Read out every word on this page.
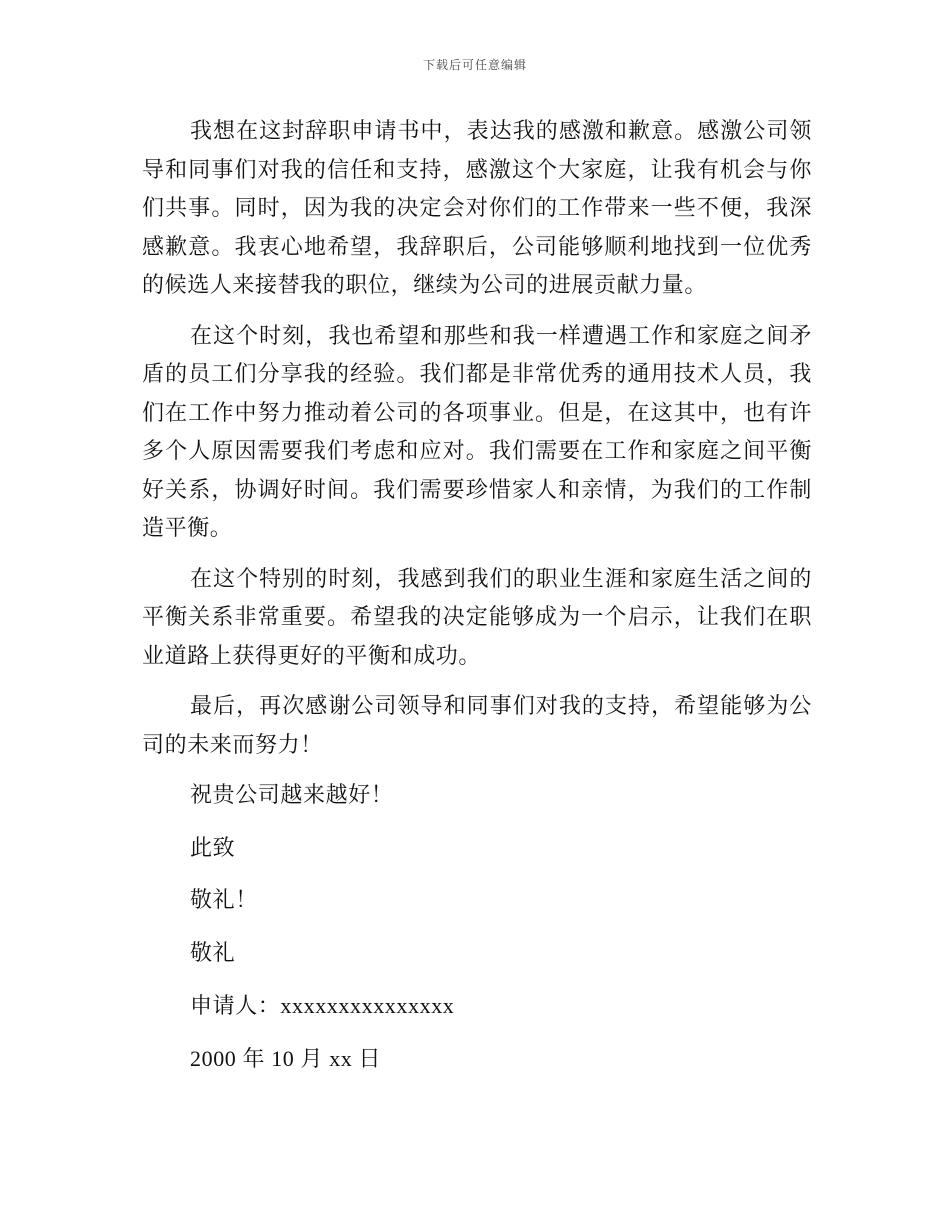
下载后可任意编辑

我想在这封辞职申请书中，表达我的感激和歉意。感激公司领导和同事们对我的信任和支持，感激这个大家庭，让我有机会与你们共事。同时，因为我的决定会对你们的工作带来一些不便，我深感歉意。我衷心地希望，我辞职后，公司能够顺利地找到一位优秀的候选人来接替我的职位，继续为公司的进展贡献力量。

在这个时刻，我也希望和那些和我一样遭遇工作和家庭之间矛盾的员工们分享我的经验。我们都是非常优秀的通用技术人员，我们在工作中努力推动着公司的各项事业。但是，在这其中，也有许多个人原因需要我们考虑和应对。我们需要在工作和家庭之间平衡好关系，协调好时间。我们需要珍惜家人和亲情，为我们的工作制造平衡。

在这个特别的时刻，我感到我们的职业生涯和家庭生活之间的平衡关系非常重要。希望我的决定能够成为一个启示，让我们在职业道路上获得更好的平衡和成功。

最后，再次感谢公司领导和同事们对我的支持，希望能够为公司的未来而努力！

祝贵公司越来越好！

此致

敬礼！

敬礼

申请人：xxxxxxxxxxxxxxx

2000 年 10 月 xx 日
